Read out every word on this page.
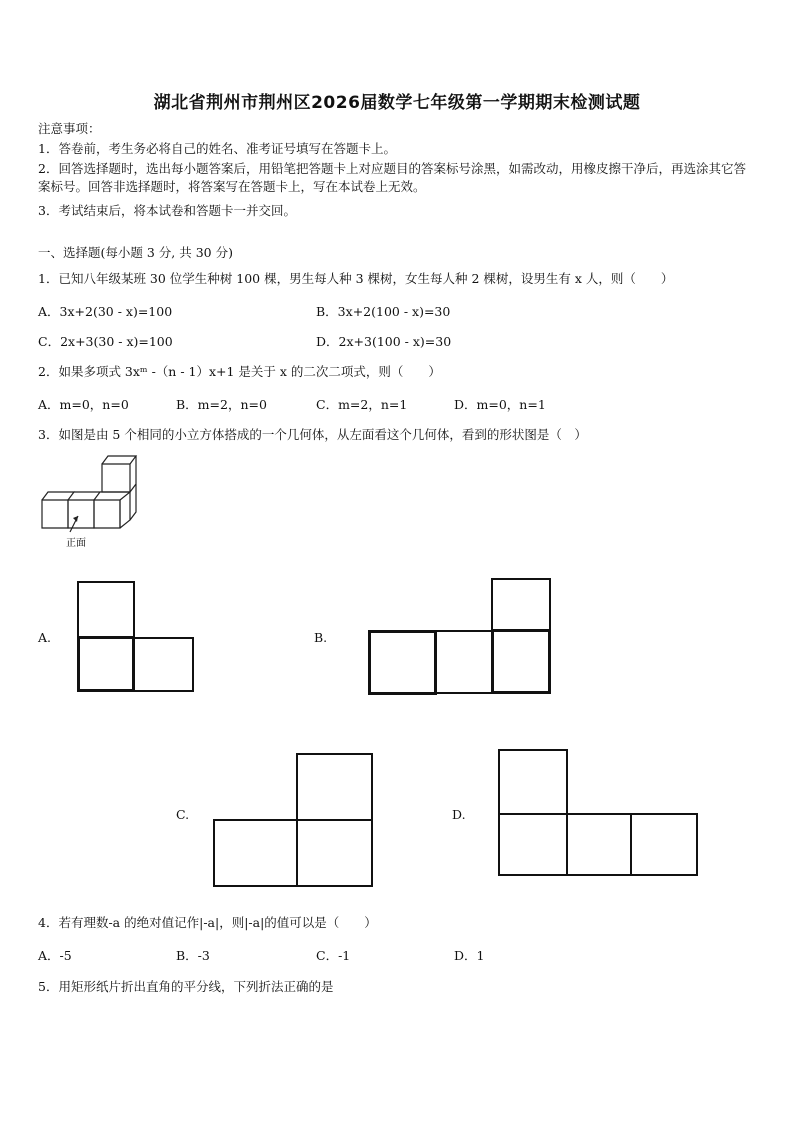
湖北省荆州市荆州区2026届数学七年级第一学期期末检测试题
注意事项：
1．答卷前，考生务必将自己的姓名、准考证号填写在答题卡上。
2．回答选择题时，选出每小题答案后，用铅笔把答题卡上对应题目的答案标号涂黑，如需改动，用橡皮擦干净后，再选涂其它答案标号。回答非选择题时，将答案写在答题卡上，写在本试卷上无效。
3．考试结束后，将本试卷和答题卡一并交回。
一、选择题(每小题 3 分, 共 30 分)
1．已知八年级某班 30 位学生种树 100 棵，男生每人种 3 棵树，女生每人种 2 棵树，设男生有 x 人，则（　　）
A．3x+2(30 - x)=100	B．3x+2(100 - x)=30
C．2x+3(30 - x)=100	D．2x+3(100 - x)=30
2．如果多项式 3xᵐ -（n - 1）x+1 是关于 x 的二次二项式，则（　　）
A．m=0，n=0	B．m=2，n=0	C．m=2，n=1	D．m=0，n=1
3．如图是由 5 个相同的小立方体搭成的一个几何体，从左面看这个几何体，看到的形状图是（　）
正面
A.	B.
C.	D.
4．若有理数-a 的绝对值记作|-a|，则|-a|的值可以是（　　）
A．-5	B．-3	C．-1	D．1
5．用矩形纸片折出直角的平分线，下列折法正确的是
